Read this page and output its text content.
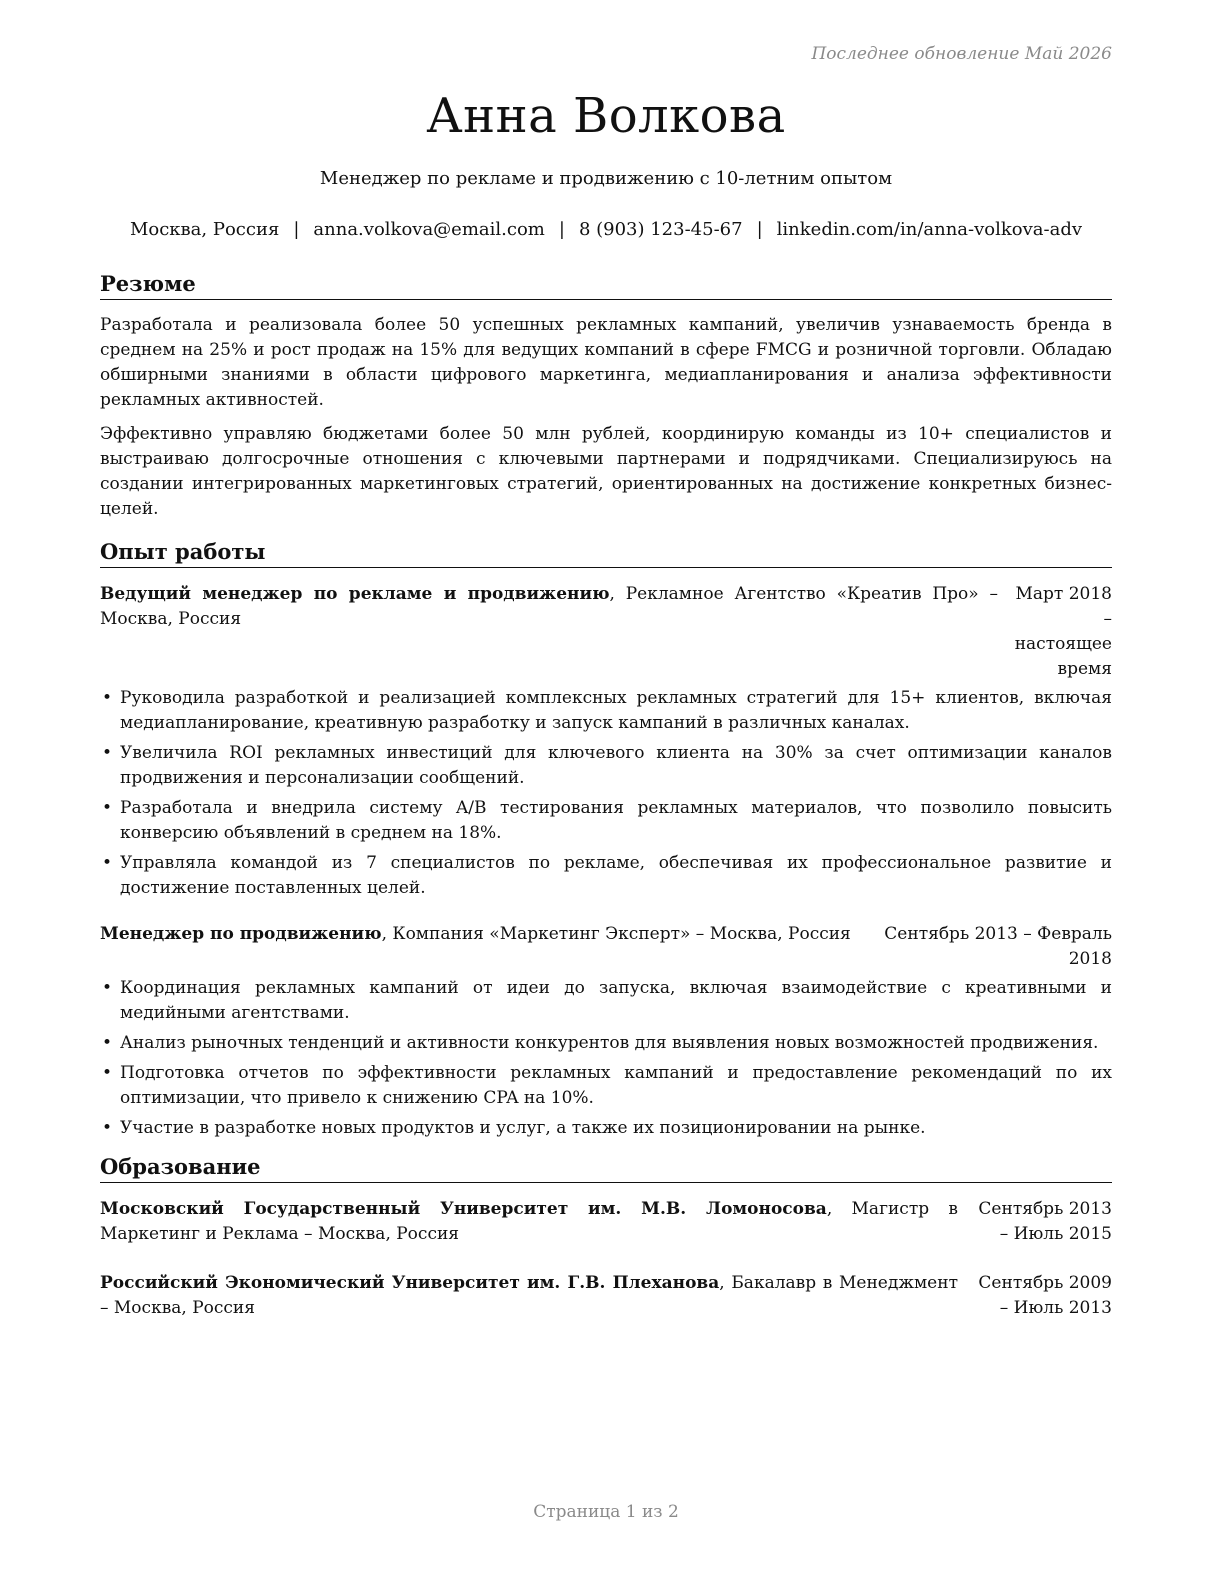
Последнее обновление Май 2026
Анна Волкова
Менеджер по рекламе и продвижению с 10-летним опытом
Москва, Россия | anna.volkova@email.com | 8 (903) 123-45-67 | linkedin.com/in/anna-volkova-adv
Резюме

Разработала и реализовала более 50 успешных рекламных кампаний, увеличив узнаваемость бренда в среднем на 25% и рост продаж на 15% для ведущих компаний в сфере FMCG и розничной торговли. Обладаю обширными знаниями в области цифрового маркетинга, медиапланирования и анализа эффективности рекламных активностей.

Эффективно управляю бюджетами более 50 млн рублей, координирую команды из 10+ специалистов и выстраиваю долгосрочные отношения с ключевыми партнерами и подрядчиками. Специализируюсь на создании интегрированных маркетинговых стратегий, ориентированных на достижение конкретных бизнес-целей.

Опыт работы
Ведущий менеджер по рекламе и продвижению, Рекламное Агентство «Креатив Про» – Москва, Россия
Март 2018 – настоящее время
• Руководила разработкой и реализацией комплексных рекламных стратегий для 15+ клиентов, включая медиапланирование, креативную разработку и запуск кампаний в различных каналах.
• Увеличила ROI рекламных инвестиций для ключевого клиента на 30% за счет оптимизации каналов продвижения и персонализации сообщений.
• Разработала и внедрила систему A/B тестирования рекламных материалов, что позволило повысить конверсию объявлений в среднем на 18%.
• Управляла командой из 7 специалистов по рекламе, обеспечивая их профессиональное развитие и достижение поставленных целей.
Менеджер по продвижению, Компания «Маркетинг Эксперт» – Москва, Россия	Сентябрь 2013 – Февраль 2018
• Координация рекламных кампаний от идеи до запуска, включая взаимодействие с креативными и медийными агентствами.
• Анализ рыночных тенденций и активности конкурентов для выявления новых возможностей продвижения.
• Подготовка отчетов по эффективности рекламных кампаний и предоставление рекомендаций по их оптимизации, что привело к снижению CPA на 10%.
• Участие в разработке новых продуктов и услуг, а также их позиционировании на рынке.
Образование
Московский Государственный Университет им. М.В. Ломоносова, Магистр в Маркетинг и Реклама – Москва, Россия
Сентябрь 2013 – Июль 2015
Российский Экономический Университет им. Г.В. Плеханова, Бакалавр в Менеджмент – Москва, Россия
Сентябрь 2009 – Июль 2013
Страница 1 из 2
